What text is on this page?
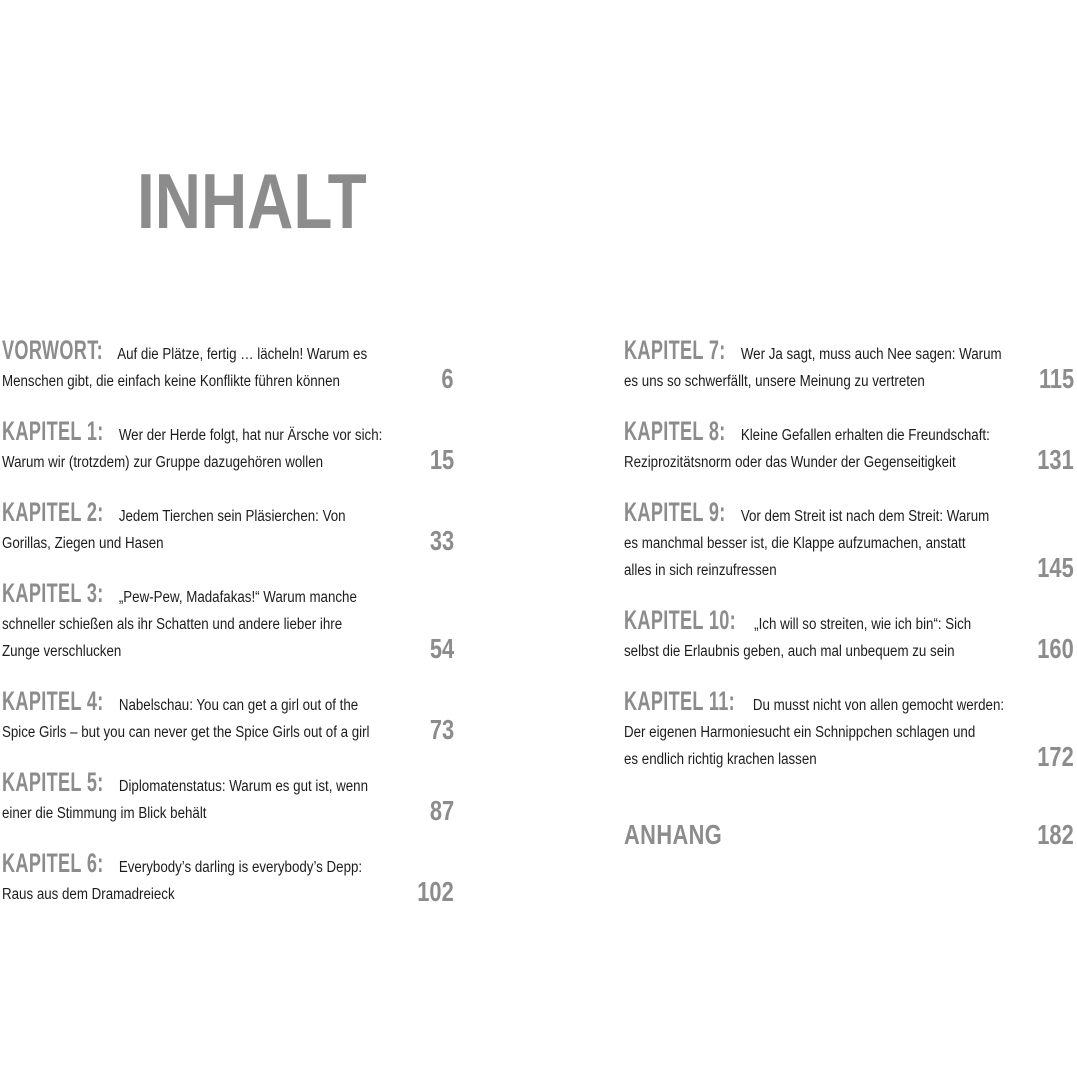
INHALT
VORWORT: Auf die Plätze, fertig … lächeln! Warum es
Menschen gibt, die einfach keine Konflikte führen können	6
KAPITEL 1: Wer der Herde folgt, hat nur Ärsche vor sich:
Warum wir (trotzdem) zur Gruppe dazugehören wollen	15
KAPITEL 2: Jedem Tierchen sein Pläsierchen: Von
Gorillas, Ziegen und Hasen	33
KAPITEL 3: „Pew-Pew, Madafakas!“ Warum manche
schneller schießen als ihr Schatten und andere lieber ihre
Zunge verschlucken	54
KAPITEL 4: Nabelschau: You can get a girl out of the
Spice Girls – but you can never get the Spice Girls out of a girl	73
KAPITEL 5: Diplomatenstatus: Warum es gut ist, wenn
einer die Stimmung im Blick behält	87
KAPITEL 6: Everybody’s darling is everybody’s Depp:
Raus aus dem Dramadreieck	102
KAPITEL 7: Wer Ja sagt, muss auch Nee sagen: Warum
es uns so schwerfällt, unsere Meinung zu vertreten	115
KAPITEL 8: Kleine Gefallen erhalten die Freundschaft:
Reziprozitätsnorm oder das Wunder der Gegenseitigkeit	131
KAPITEL 9: Vor dem Streit ist nach dem Streit: Warum
es manchmal besser ist, die Klappe aufzumachen, anstatt
alles in sich reinzufressen	145
KAPITEL 10: „Ich will so streiten, wie ich bin“: Sich
selbst die Erlaubnis geben, auch mal unbequem zu sein	160
KAPITEL 11: Du musst nicht von allen gemocht werden:
Der eigenen Harmoniesucht ein Schnippchen schlagen und
es endlich richtig krachen lassen	172
ANHANG	182
